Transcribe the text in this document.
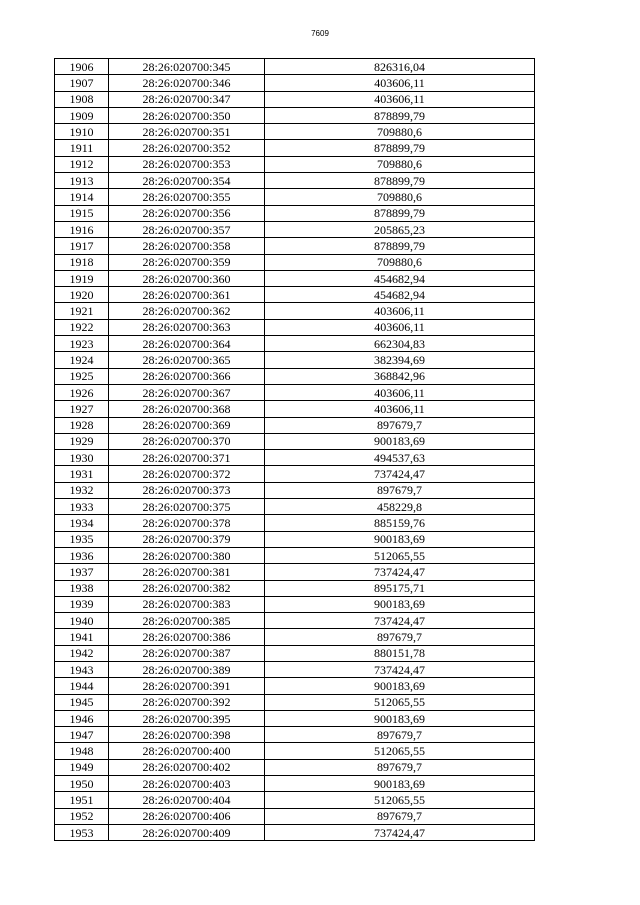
7609
1906	28:26:020700:345	826316,04
1907	28:26:020700:346	403606,11
1908	28:26:020700:347	403606,11
1909	28:26:020700:350	878899,79
1910	28:26:020700:351	709880,6
1911	28:26:020700:352	878899,79
1912	28:26:020700:353	709880,6
1913	28:26:020700:354	878899,79
1914	28:26:020700:355	709880,6
1915	28:26:020700:356	878899,79
1916	28:26:020700:357	205865,23
1917	28:26:020700:358	878899,79
1918	28:26:020700:359	709880,6
1919	28:26:020700:360	454682,94
1920	28:26:020700:361	454682,94
1921	28:26:020700:362	403606,11
1922	28:26:020700:363	403606,11
1923	28:26:020700:364	662304,83
1924	28:26:020700:365	382394,69
1925	28:26:020700:366	368842,96
1926	28:26:020700:367	403606,11
1927	28:26:020700:368	403606,11
1928	28:26:020700:369	897679,7
1929	28:26:020700:370	900183,69
1930	28:26:020700:371	494537,63
1931	28:26:020700:372	737424,47
1932	28:26:020700:373	897679,7
1933	28:26:020700:375	458229,8
1934	28:26:020700:378	885159,76
1935	28:26:020700:379	900183,69
1936	28:26:020700:380	512065,55
1937	28:26:020700:381	737424,47
1938	28:26:020700:382	895175,71
1939	28:26:020700:383	900183,69
1940	28:26:020700:385	737424,47
1941	28:26:020700:386	897679,7
1942	28:26:020700:387	880151,78
1943	28:26:020700:389	737424,47
1944	28:26:020700:391	900183,69
1945	28:26:020700:392	512065,55
1946	28:26:020700:395	900183,69
1947	28:26:020700:398	897679,7
1948	28:26:020700:400	512065,55
1949	28:26:020700:402	897679,7
1950	28:26:020700:403	900183,69
1951	28:26:020700:404	512065,55
1952	28:26:020700:406	897679,7
1953	28:26:020700:409	737424,47
